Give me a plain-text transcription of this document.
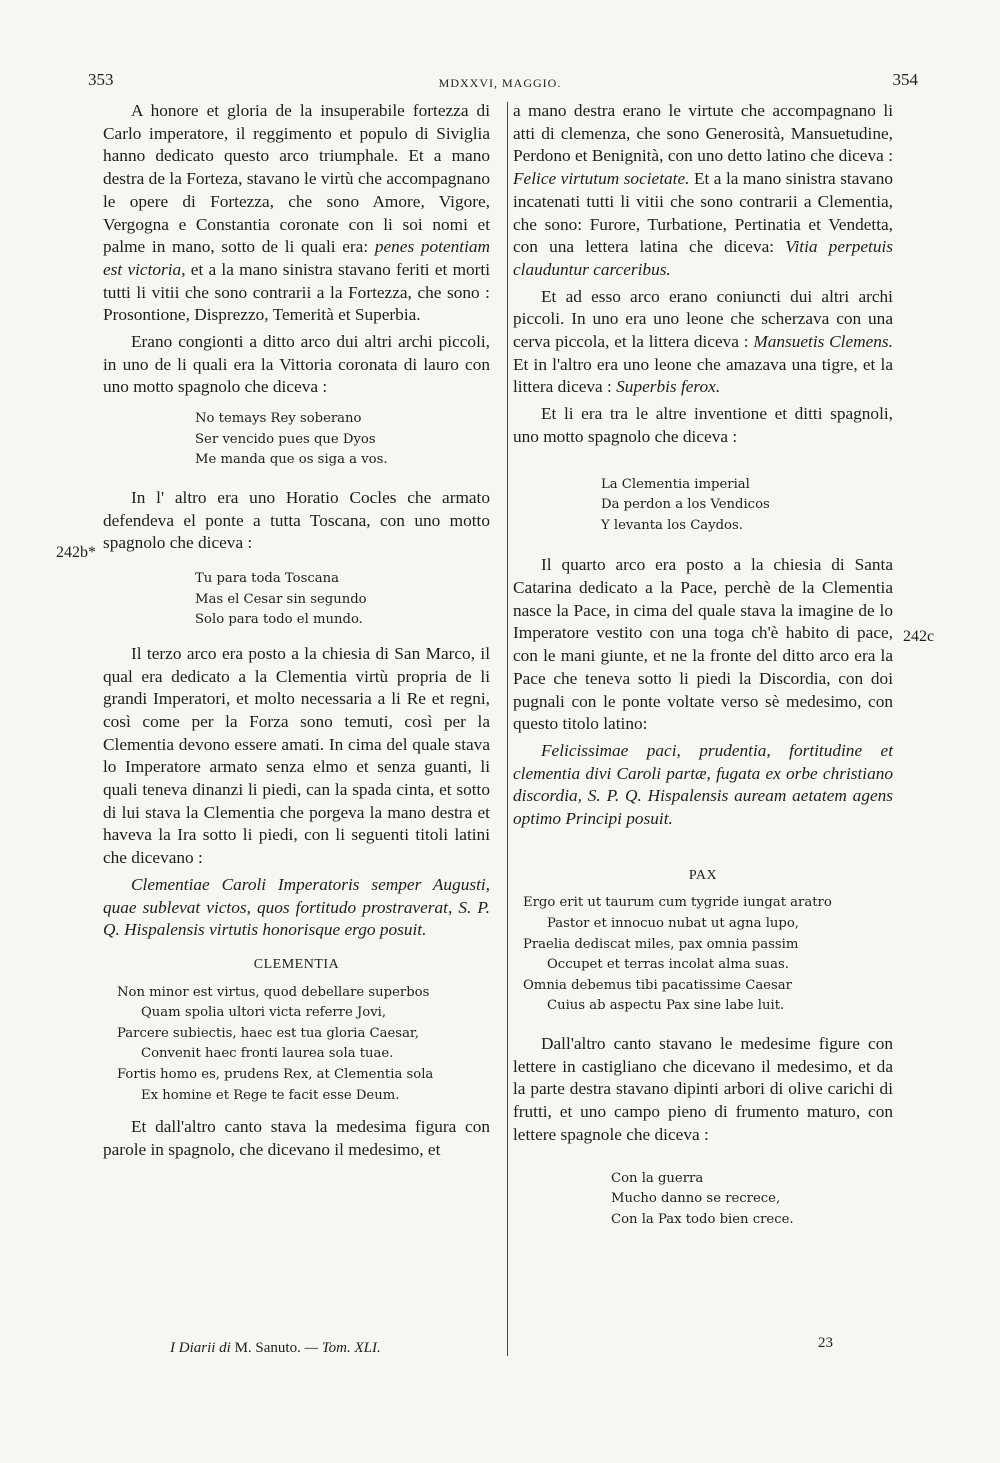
353	MDXXVI, MAGGIO.	354
242b*
242c

A honore et gloria de la insuperabile fortezza di Carlo imperatore, il reggimento et populo di Siviglia hanno dedicato questo arco triumphale. Et a mano destra de la Forteza, stavano le virtù che accompagnano le opere di Fortezza, che sono Amore, Vigore, Vergogna e Constantia coronate con li soi nomi et palme in mano, sotto de li quali era: penes potentiam est victoria, et a la mano sinistra stavano feriti et morti tutti li vitii che sono contrarii a la Fortezza, che sono : Prosontione, Disprezzo, Temerità et Superbia.

Erano congionti a ditto arco dui altri archi piccoli, in uno de li quali era la Vittoria coronata di lauro con uno motto spagnolo che diceva :

No temays Rey soberano
Ser vencido pues que Dyos
Me manda que os siga a vos.

In l' altro era uno Horatio Cocles che armato defendeva el ponte a tutta Toscana, con uno motto spagnolo che diceva :

Tu para toda Toscana
Mas el Cesar sin segundo
Solo para todo el mundo.

Il terzo arco era posto a la chiesia di San Marco, il qual era dedicato a la Clementia virtù propria de li grandi Imperatori, et molto necessaria a li Re et regni, così come per la Forza sono temuti, così per la Clementia devono essere amati. In cima del quale stava lo Imperatore armato senza elmo et senza guanti, li quali teneva dinanzi li piedi, can la spada cinta, et sotto di lui stava la Clementia che porgeva la mano destra et haveva la Ira sotto li piedi, con li seguenti titoli latini che dicevano :

Clementiae Caroli Imperatoris semper Augusti, quae sublevat victos, quos fortitudo prostraverat, S. P. Q. Hispalensis virtutis honorisque ergo posuit.

CLEMENTIA
Non minor est virtus, quod debellare superbos
Quam spolia ultori victa referre Jovi,
Parcere subiectis, haec est tua gloria Caesar,
Convenit haec fronti laurea sola tuae.
Fortis homo es, prudens Rex, at Clementia sola
Ex homine et Rege te facit esse Deum.

Et dall'altro canto stava la medesima figura con parole in spagnolo, che dicevano il medesimo, et

a mano destra erano le virtute che accompagnano li atti di clemenza, che sono Generosità, Mansuetudine, Perdono et Benignità, con uno detto latino che diceva : Felice virtutum societate. Et a la mano sinistra stavano incatenati tutti li vitii che sono contrarii a Clementia, che sono: Furore, Turbatione, Pertinatia et Vendetta, con una lettera latina che diceva: Vitia perpetuis clauduntur carceribus.

Et ad esso arco erano coniuncti dui altri archi piccoli. In uno era uno leone che scherzava con una cerva piccola, et la littera diceva : Mansuetis Clemens. Et in l'altro era uno leone che amazava una tigre, et la littera diceva : Superbis ferox.

Et li era tra le altre inventione et ditti spagnoli, uno motto spagnolo che diceva :

La Clementia imperial
Da perdon a los Vendicos
Y levanta los Caydos.

Il quarto arco era posto a la chiesia di Santa Catarina dedicato a la Pace, perchè de la Clementia nasce la Pace, in cima del quale stava la imagine de lo Imperatore vestito con una toga ch'è habito di pace, con le mani giunte, et ne la fronte del ditto arco era la Pace che teneva sotto li piedi la Discordia, con doi pugnali con le ponte voltate verso sè medesimo, con questo titolo latino:

Felicissimae paci, prudentia, fortitudine et clementia divi Caroli partæ, fugata ex orbe christiano discordia, S. P. Q. Hispalensis auream aetatem agens optimo Principi posuit.

PAX
Ergo erit ut taurum cum tygride iungat aratro
Pastor et innocuo nubat ut agna lupo,
Praelia dediscat miles, pax omnia passim
Occupet et terras incolat alma suas.
Omnia debemus tibi pacatissime Caesar
Cuius ab aspectu Pax sine labe luit.

Dall'altro canto stavano le medesime figure con lettere in castigliano che dicevano il medesimo, et da la parte destra stavano dipinti arbori di olive carichi di frutti, et uno campo pieno di frumento maturo, con lettere spagnole che diceva :

Con la guerra
Mucho danno se recrece,
Con la Pax todo bien crece.
I Diarii di M. Sanuto. — Tom. XLI.	23
